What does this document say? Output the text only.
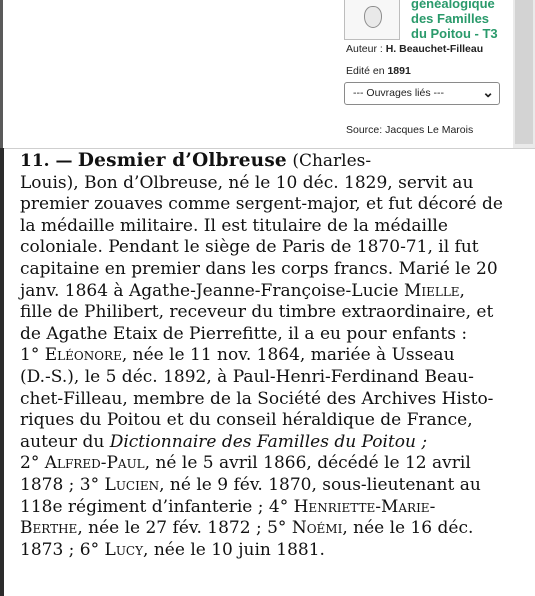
généalogique
des Familles
du Poitou - T3
Auteur : H. Beauchet-Filleau
Edité en 1891
--- Ouvrages liés ---	⌄
Source: Jacques Le Marois
11. — Desmier d’Olbreuse (Charles-
Louis), Bon d’Olbreuse, né le 10 déc. 1829, servit au
premier zouaves comme sergent-major, et fut décoré de
la médaille militaire. Il est titulaire de la médaille
coloniale. Pendant le siège de Paris de 1870-71, il fut
capitaine en premier dans les corps francs. Marié le 20
janv. 1864 à Agathe-Jeanne-Françoise-Lucie Mielle,
fille de Philibert, receveur du timbre extraordinaire, et
de Agathe Etaix de Pierrefitte, il a eu pour enfants :
1° Eléonore, née le 11 nov. 1864, mariée à Usseau
(D.-S.), le 5 déc. 1892, à Paul-Henri-Ferdinand Beau-
chet-Filleau, membre de la Société des Archives Histo-
riques du Poitou et du conseil héraldique de France,
auteur du Dictionnaire des Familles du Poitou ;
2° Alfred-Paul, né le 5 avril 1866, décédé le 12 avril
1878 ; 3° Lucien, né le 9 fév. 1870, sous-lieutenant au
118e régiment d’infanterie ; 4° Henriette-Marie-
Berthe, née le 27 fév. 1872 ; 5° Noémi, née le 16 déc.
1873 ; 6° Lucy, née le 10 juin 1881.
